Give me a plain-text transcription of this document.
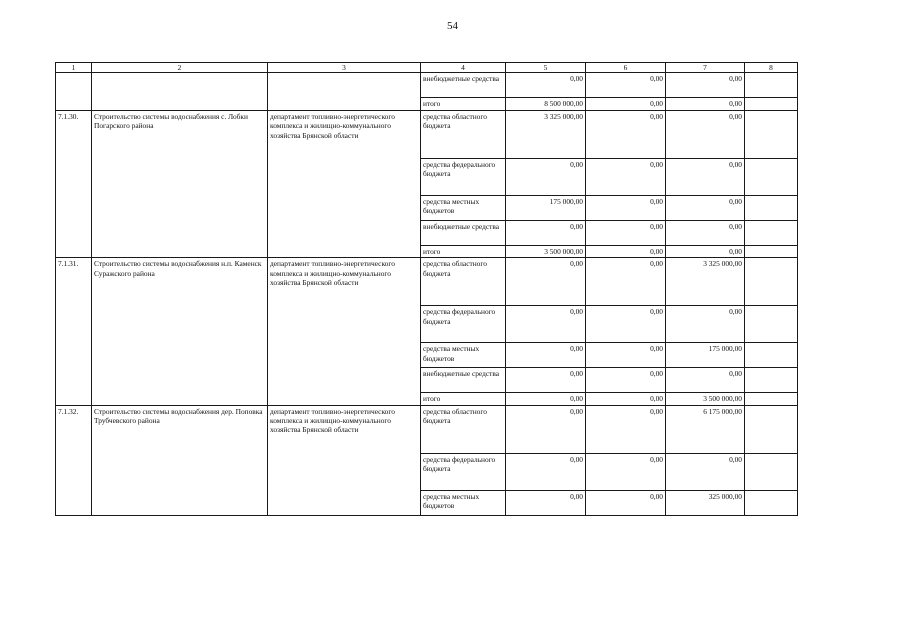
54
1	2	3	4	5	6	7	8
			внебюджетные средства	0,00	0,00	0,00	
			итого	8 500 000,00	0,00	0,00	
7.1.30.	Строительство системы водоснабжения с. Лобки Погарского района	департамент топливно-энергетического комплекса и жилищно-коммунального хозяйства Брянской области	средства областного бюджета	3 325 000,00	0,00	0,00	
			средства федерального бюджета	0,00	0,00	0,00	
			средства местных бюджетов	175 000,00	0,00	0,00	
			внебюджетные средства	0,00	0,00	0,00	
			итого	3 500 000,00	0,00	0,00	
7.1.31.	Строительство системы водоснабжения н.п. Каменск Суражского района	департамент топливно-энергетического комплекса и жилищно-коммунального хозяйства Брянской области	средства областного бюджета	0,00	0,00	3 325 000,00	
			средства федерального бюджета	0,00	0,00	0,00	
			средства местных бюджетов	0,00	0,00	175 000,00	
			внебюджетные средства	0,00	0,00	0,00	
			итого	0,00	0,00	3 500 000,00	
7.1.32.	Строительство системы водоснабжения дер. Поповка Трубчевского района	департамент топливно-энергетического комплекса и жилищно-коммунального хозяйства Брянской области	средства областного бюджета	0,00	0,00	6 175 000,00	
			средства федерального бюджета	0,00	0,00	0,00	
			средства местных бюджетов	0,00	0,00	325 000,00	
